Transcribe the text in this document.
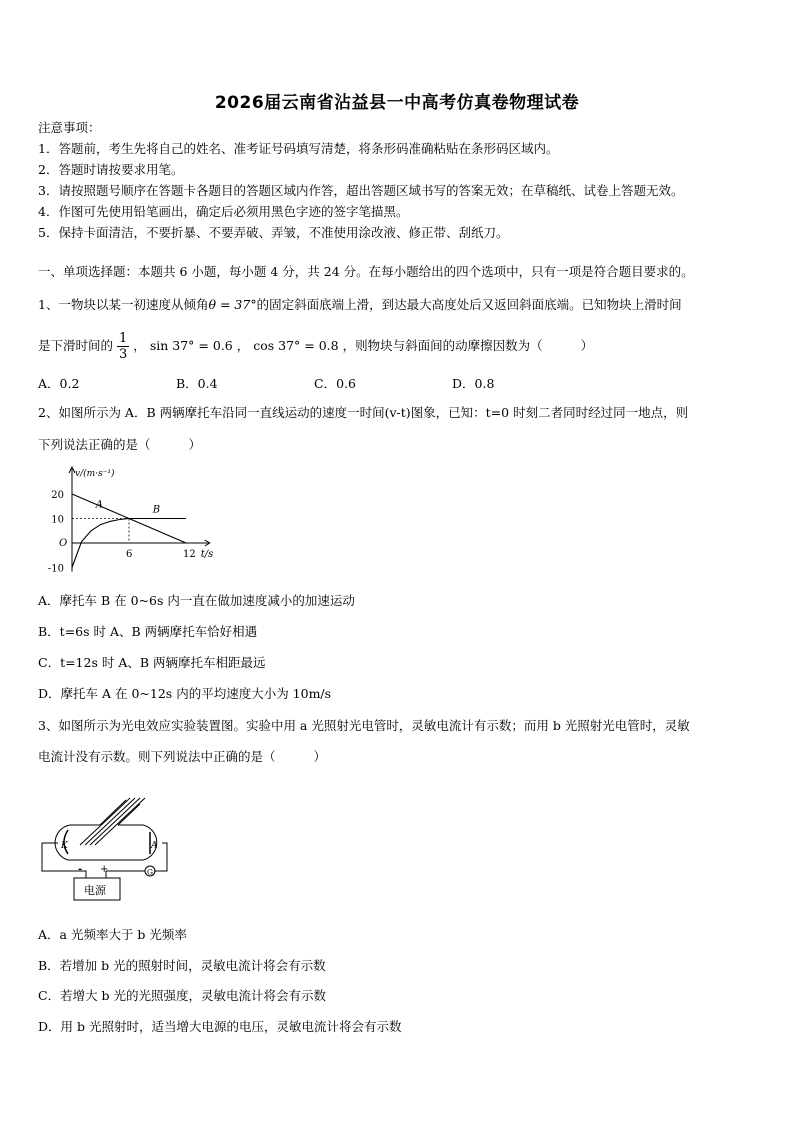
2026届云南省沾益县一中高考仿真卷物理试卷
注意事项：
1．答题前，考生先将自己的姓名、准考证号码填写清楚，将条形码准确粘贴在条形码区域内。
2．答题时请按要求用笔。
3．请按照题号顺序在答题卡各题目的答题区域内作答，超出答题区域书写的答案无效；在草稿纸、试卷上答题无效。
4．作图可先使用铅笔画出，确定后必须用黑色字迹的签字笔描黑。
5．保持卡面清洁，不要折暴、不要弄破、弄皱，不准使用涂改液、修正带、刮纸刀。
一、单项选择题：本题共 6 小题，每小题 4 分，共 24 分。在每小题给出的四个选项中，只有一项是符合题目要求的。
1、一物块以某一初速度从倾角θ = 37°的固定斜面底端上滑，到达最大高度处后又返回斜面底端。已知物块上滑时间
是下滑时间的 $\frac{1}{3}$ ， sin 37° = 0.6 ， cos 37° = 0.8 ，则物块与斜面间的动摩擦因数为（	）
A．0.2	B．0.4	C．0.6	D．0.8
2、如图所示为 A．B 两辆摩托车沿同一直线运动的速度一时间(v-t)图象，已知：t=0 时刻二者同时经过同一地点，则
下列说法正确的是（	）
v/(m·s⁻¹)
t/s
O
20
10
-10
6	12
A	B
A．摩托车 B 在 0~6s 内一直在做加速度减小的加速运动
B．t=6s 时 A、B 两辆摩托车恰好相遇
C．t=12s 时 A、B 两辆摩托车相距最远
D．摩托车 A 在 0~12s 内的平均速度大小为 10m/s
3、如图所示为光电效应实验装置图。实验中用 a 光照射光电管时，灵敏电流计有示数；而用 b 光照射光电管时，灵敏
电流计没有示数。则下列说法中正确的是（	）
K	A
G
电源
- +
A．a 光频率大于 b 光频率
B．若增加 b 光的照射时间，灵敏电流计将会有示数
C．若增大 b 光的光照强度，灵敏电流计将会有示数
D．用 b 光照射时，适当增大电源的电压，灵敏电流计将会有示数
